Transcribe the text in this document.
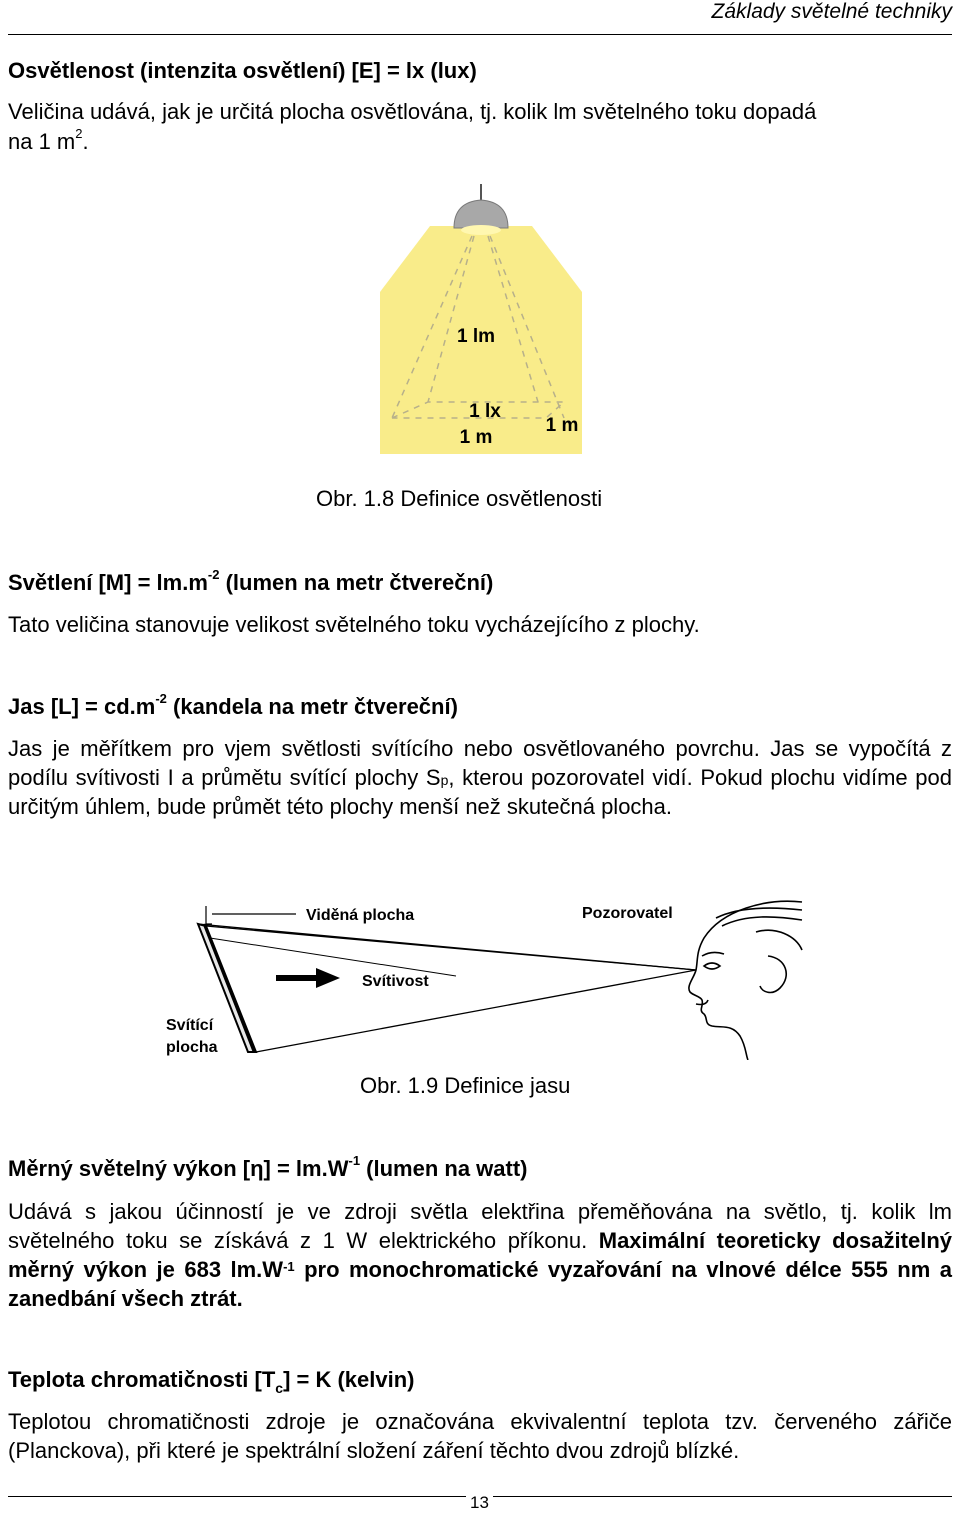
Základy světelné techniky
Osvětlenost (intenzita osvětlení) [E] = lx (lux)
Veličina udává, jak je určitá plocha osvětlována, tj. kolik lm světelného toku dopadá
na 1 $m^2$.
1 lm
1 lx
1 m
1 m
Obr. 1.8 Definice osvětlenosti
Světlení $[M] = lm.m^{-2}$ (lumen na metr čtvereční)
Tato veličina stanovuje velikost světelného toku vycházejícího z plochy.
Jas $[L] = cd.m^{-2}$ (kandela na metr čtvereční)
Jas je měřítkem pro vjem světlosti svítícího nebo osvětlovaného povrchu. Jas se vypočítá z podílu svítivosti I a průmětu svítící plochy $S_p$, kterou pozorovatel vidí. Pokud plochu vidíme pod určitým úhlem, bude průmět této plochy menší než skutečná plocha.
Viděná plocha	Pozorovatel
Svítivost
Svítící
plocha
Obr. 1.9 Definice jasu
Měrný světelný výkon $[\eta] = lm.W^{-1}$ (lumen na watt)
Udává s jakou účinností je ve zdroji světla elektřina přeměňována na světlo, tj. kolik lm světelného toku se získává z 1 W elektrického příkonu. Maximální teoreticky dosažitelný měrný výkon je 683 $lm.W^{-1}$ pro monochromatické vyzařování na vlnové délce 555 nm a zanedbání všech ztrát.
Teplota chromatičnosti $[T_c] = K$ (kelvin)
Teplotou chromatičnosti zdroje je označována ekvivalentní teplota tzv. červeného zářiče (Planckova), při které je spektrální složení záření těchto dvou zdrojů blízké.
13
